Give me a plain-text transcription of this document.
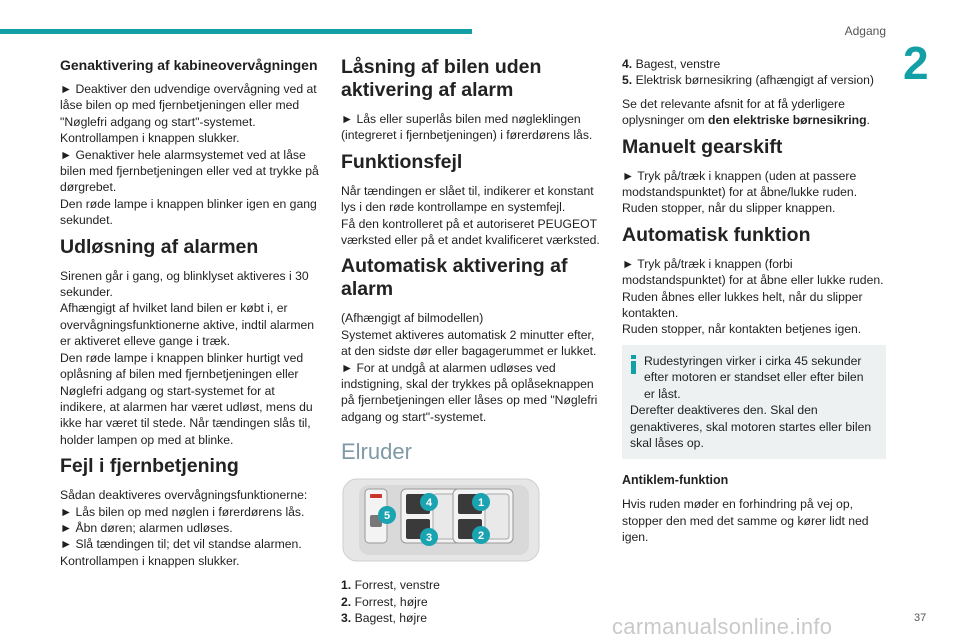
Adgang
2
Genaktivering af kabineovervågningen

► Deaktiver den udvendige overvågning ved at låse bilen op med fjernbetjeningen eller med "Nøglefri adgang og start"-systemet.
Kontrollampen i knappen slukker.
► Genaktiver hele alarmsystemet ved at låse bilen med fjernbetjeningen eller ved at trykke på dørgrebet.
Den røde lampe i knappen blinker igen en gang sekundet.

Udløsning af alarmen

Sirenen går i gang, og blinklyset aktiveres i 30 sekunder.
Afhængigt af hvilket land bilen er købt i, er overvågningsfunktionerne aktive, indtil alarmen er aktiveret elleve gange i træk.
Den røde lampe i knappen blinker hurtigt ved oplåsning af bilen med fjernbetjeningen eller Nøglefri adgang og start-systemet for at indikere, at alarmen har været udløst, mens du ikke har været til stede. Når tændingen slås til, holder lampen op med at blinke.

Fejl i fjernbetjening

Sådan deaktiveres overvågningsfunktionerne:
► Lås bilen op med nøglen i førerdørens lås.
► Åbn døren; alarmen udløses.
► Slå tændingen til; det vil standse alarmen.
Kontrollampen i knappen slukker.

Låsning af bilen uden aktivering af alarm

► Lås eller superlås bilen med nøgleklingen (integreret i fjernbetjeningen) i førerdørens lås.

Funktionsfejl

Når tændingen er slået til, indikerer et konstant lys i den røde kontrollampe en systemfejl.
Få den kontrolleret på et autoriseret PEUGEOT værksted eller på et andet kvalificeret værksted.

Automatisk aktivering af alarm

(Afhængigt af bilmodellen)
Systemet aktiveres automatisk 2 minutter efter, at den sidste dør eller bagagerummet er lukket.
► For at undgå at alarmen udløses ved indstigning, skal der trykkes på oplåseknappen på fjernbetjeningen eller låses op med "Nøglefri adgang og start"-systemet.

Elruder
1
2
3
4
5
1. Forrest, venstre
2. Forrest, højre
3. Bagest, højre

4. Bagest, venstre
5. Elektrisk børnesikring (afhængigt af version)

Se det relevante afsnit for at få yderligere oplysninger om den elektriske børnesikring.

Manuelt gearskift

► Tryk på/træk i knappen (uden at passere modstandspunktet) for at åbne/lukke ruden.
Ruden stopper, når du slipper knappen.

Automatisk funktion

► Tryk på/træk i knappen (forbi modstandspunktet) for at åbne eller lukke ruden. Ruden åbnes eller lukkes helt, når du slipper kontakten.
Ruden stopper, når kontakten betjenes igen.

Rudestyringen virker i cirka 45 sekunder efter motoren er standset eller efter bilen er låst.
Derefter deaktiveres den. Skal den genaktiveres, skal motoren startes eller bilen skal låses op.
Antiklem-funktion

Hvis ruden møder en forhindring på vej op, stopper den med det samme og kører lidt ned igen.

carmanualsonline.info	37
